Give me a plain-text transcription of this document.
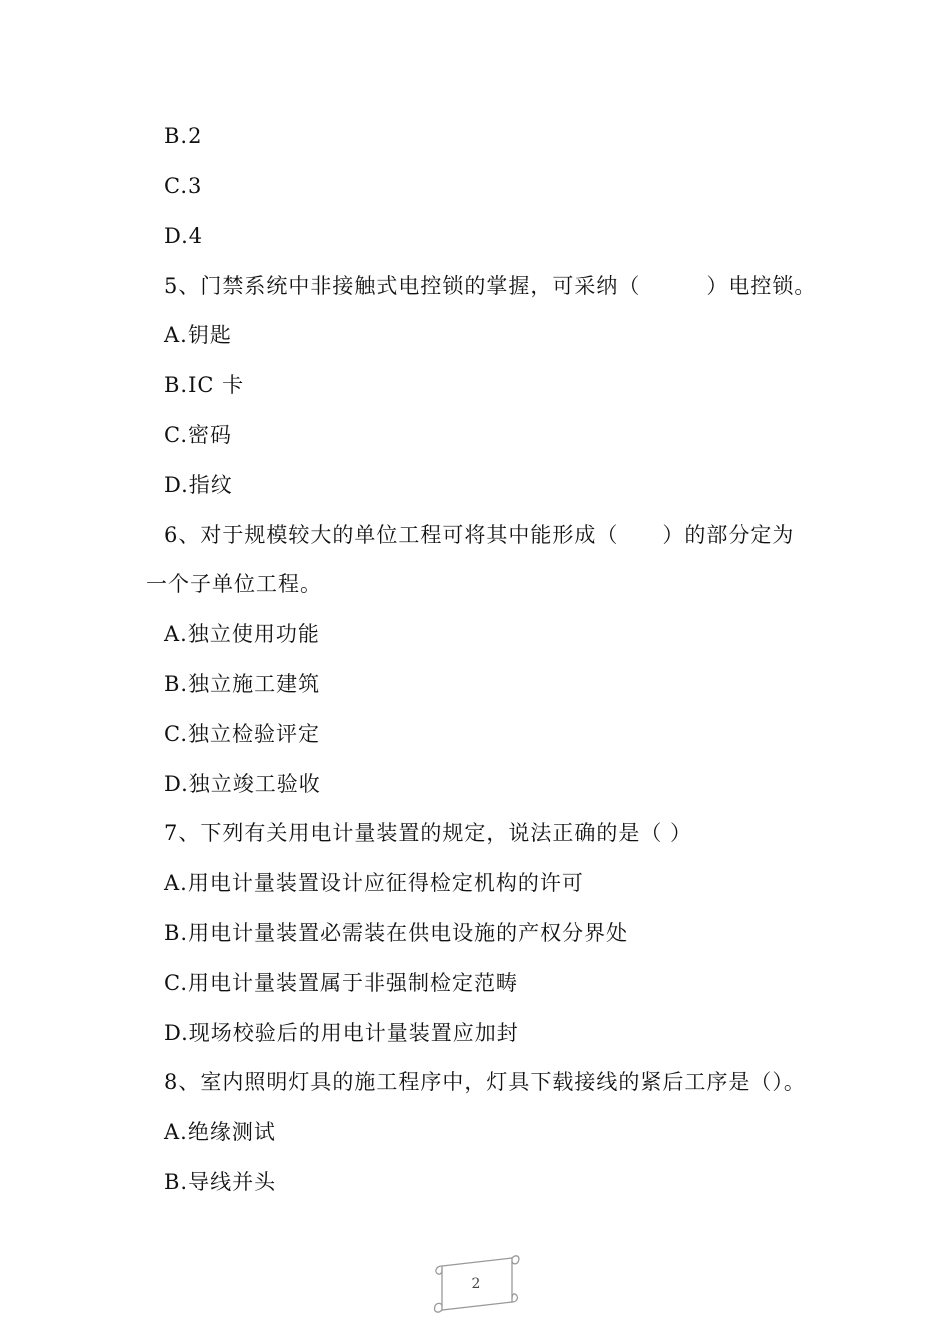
B.2
C.3
D.4
5、门禁系统中非接触式电控锁的掌握，可采纳（　　　）电控锁。
A.钥匙
B.IC 卡
C.密码
D.指纹
6、对于规模较大的单位工程可将其中能形成（　　）的部分定为
一个子单位工程。
A.独立使用功能
B.独立施工建筑
C.独立检验评定
D.独立竣工验收
7、下列有关用电计量装置的规定，说法正确的是（ ）
A.用电计量装置设计应征得检定机构的许可
B.用电计量装置必需装在供电设施的产权分界处
C.用电计量装置属于非强制检定范畴
D.现场校验后的用电计量装置应加封
8、室内照明灯具的施工程序中，灯具下载接线的紧后工序是（）。
A.绝缘测试
B.导线并头
2
